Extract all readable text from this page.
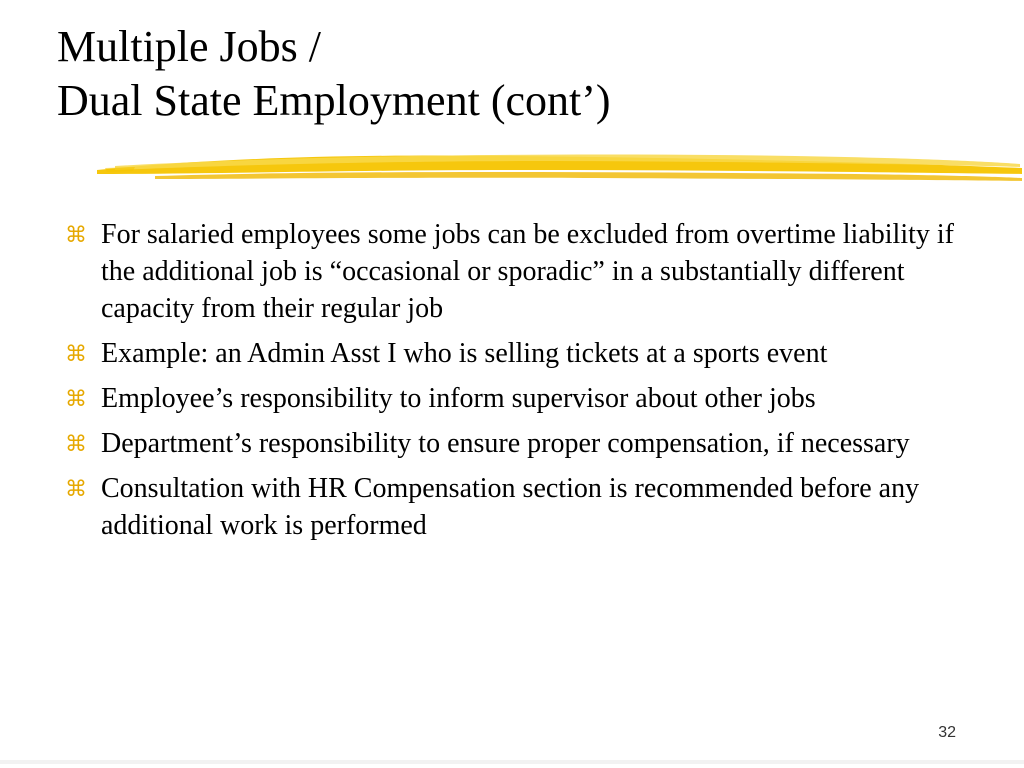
Multiple Jobs /
Dual State Employment (cont’)
⌘ For salaried employees some jobs can be excluded from overtime liability if the additional job is “occasional or sporadic” in a substantially different capacity from their regular job
⌘ Example: an Admin Asst I who is selling tickets at a sports event
⌘ Employee’s responsibility to inform supervisor about other jobs
⌘ Department’s responsibility to ensure proper compensation, if necessary
⌘ Consultation with HR Compensation section is recommended before any additional work is performed
32
